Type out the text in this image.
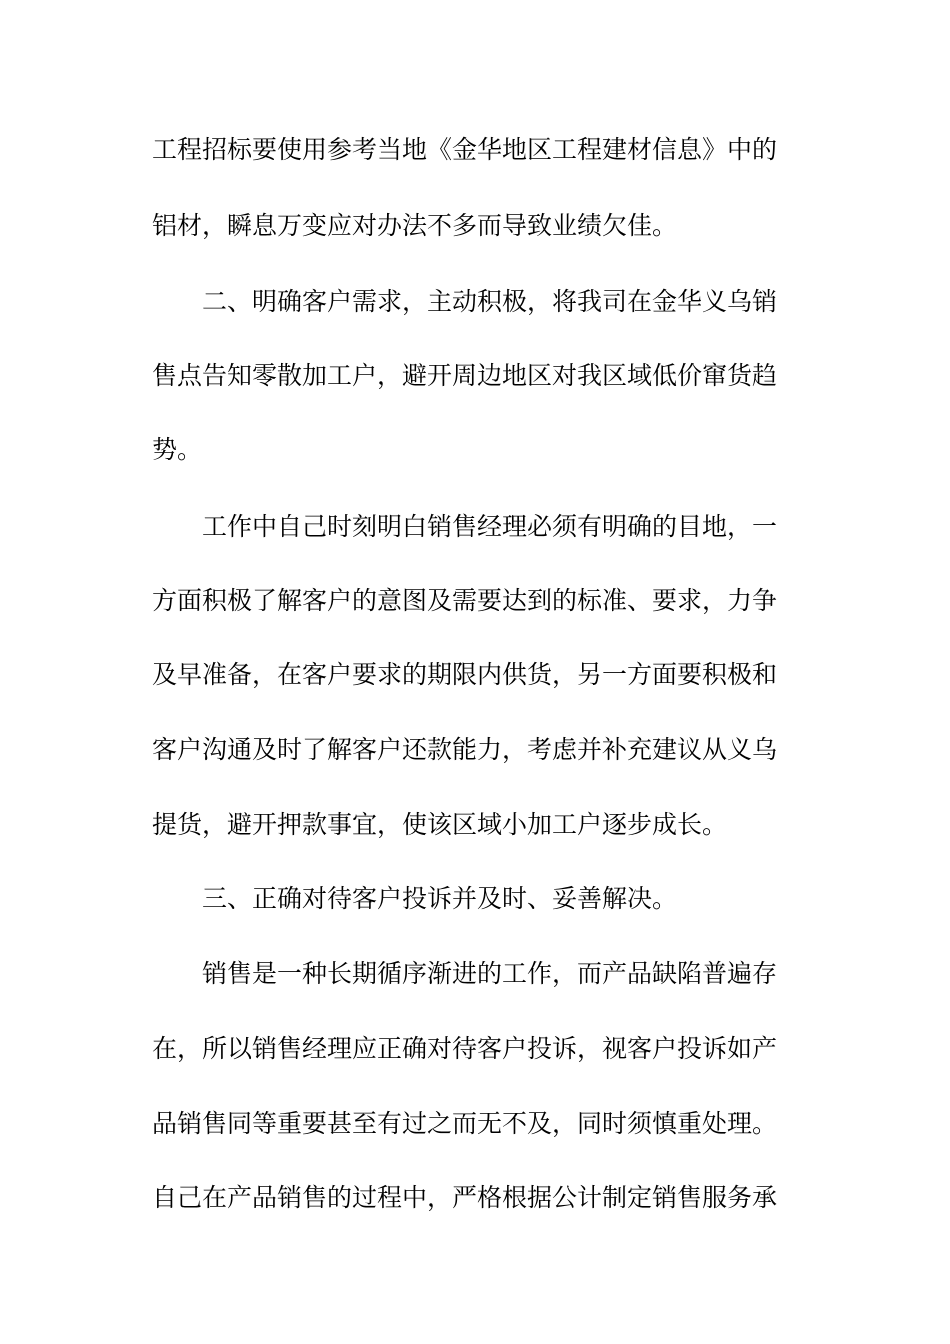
工程招标要使用参考当地《金华地区工程建材信息》中的
铝材，瞬息万变应对办法不多而导致业绩欠佳。
二、明确客户需求，主动积极，将我司在金华义乌销
售点告知零散加工户，避开周边地区对我区域低价窜货趋
势。
工作中自己时刻明白销售经理必须有明确的目地，一
方面积极了解客户的意图及需要达到的标准、要求，力争
及早准备，在客户要求的期限内供货，另一方面要积极和
客户沟通及时了解客户还款能力，考虑并补充建议从义乌
提货，避开押款事宜，使该区域小加工户逐步成长。
三、正确对待客户投诉并及时、妥善解决。
销售是一种长期循序渐进的工作，而产品缺陷普遍存
在，所以销售经理应正确对待客户投诉，视客户投诉如产
品销售同等重要甚至有过之而无不及，同时须慎重处理。
自己在产品销售的过程中，严格根据公计制定销售服务承
